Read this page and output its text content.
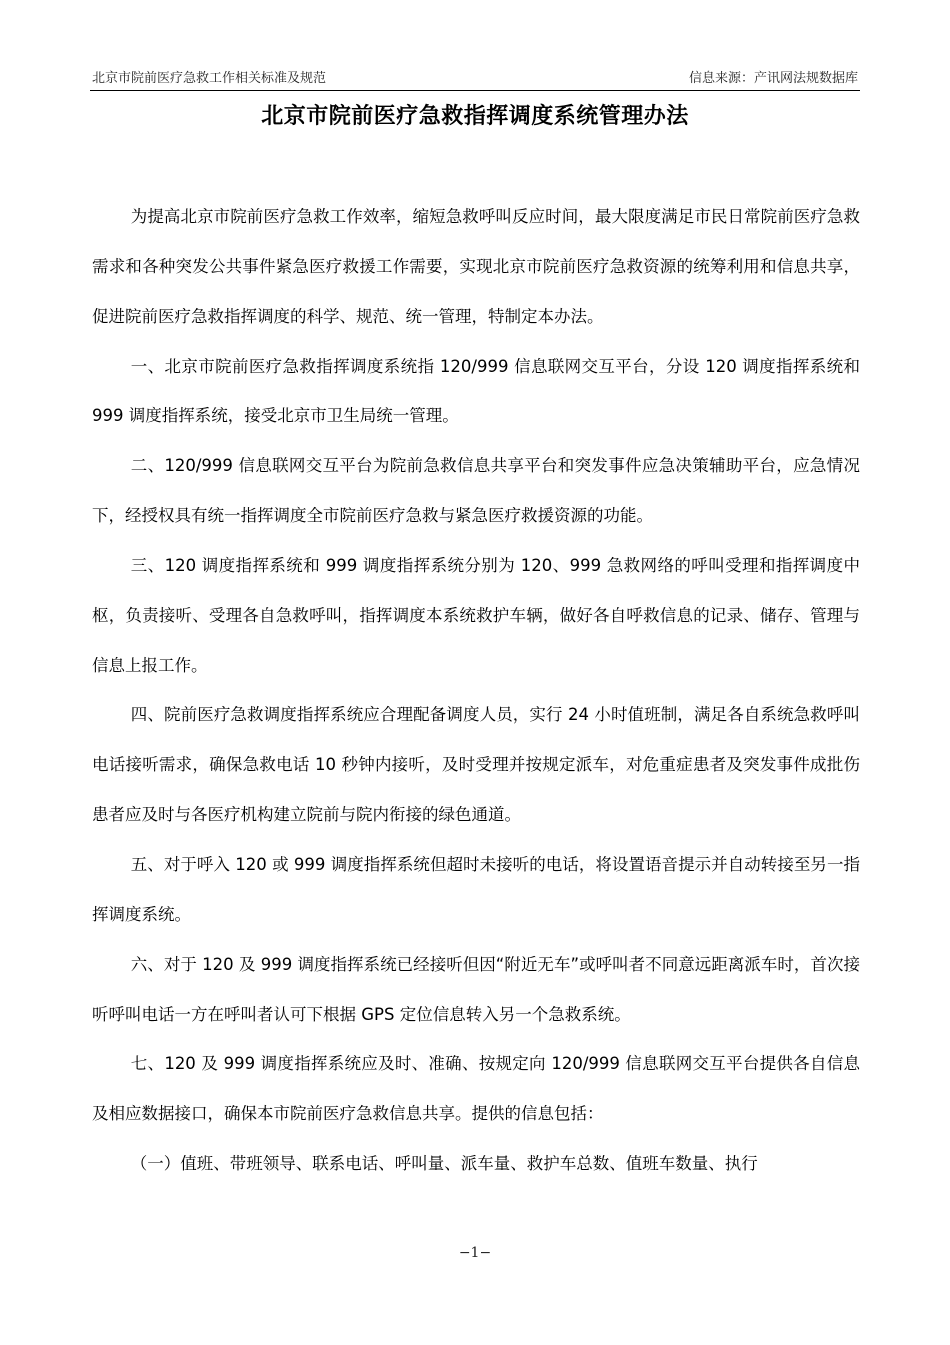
北京市院前医疗急救工作相关标准及规范	信息来源：产讯网法规数据库
北京市院前医疗急救指挥调度系统管理办法

为提高北京市院前医疗急救工作效率，缩短急救呼叫反应时间，最大限度满足市民日常院前医疗急救需求和各种突发公共事件紧急医疗救援工作需要，实现北京市院前医疗急救资源的统筹利用和信息共享，促进院前医疗急救指挥调度的科学、规范、统一管理，特制定本办法。

一、北京市院前医疗急救指挥调度系统指 120/999 信息联网交互平台，分设 120 调度指挥系统和 999 调度指挥系统，接受北京市卫生局统一管理。

二、120/999 信息联网交互平台为院前急救信息共享平台和突发事件应急决策辅助平台，应急情况下，经授权具有统一指挥调度全市院前医疗急救与紧急医疗救援资源的功能。

三、120 调度指挥系统和 999 调度指挥系统分别为 120、999 急救网络的呼叫受理和指挥调度中枢，负责接听、受理各自急救呼叫，指挥调度本系统救护车辆，做好各自呼救信息的记录、储存、管理与信息上报工作。

四、院前医疗急救调度指挥系统应合理配备调度人员，实行 24 小时值班制，满足各自系统急救呼叫电话接听需求，确保急救电话 10 秒钟内接听，及时受理并按规定派车，对危重症患者及突发事件成批伤患者应及时与各医疗机构建立院前与院内衔接的绿色通道。

五、对于呼入 120 或 999 调度指挥系统但超时未接听的电话，将设置语音提示并自动转接至另一指挥调度系统。

六、对于 120 及 999 调度指挥系统已经接听但因“附近无车”或呼叫者不同意远距离派车时，首次接听呼叫电话一方在呼叫者认可下根据 GPS 定位信息转入另一个急救系统。

七、120 及 999 调度指挥系统应及时、准确、按规定向 120/999 信息联网交互平台提供各自信息及相应数据接口，确保本市院前医疗急救信息共享。提供的信息包括：

（一）值班、带班领导、联系电话、呼叫量、派车量、救护车总数、值班车数量、执行

−1−
